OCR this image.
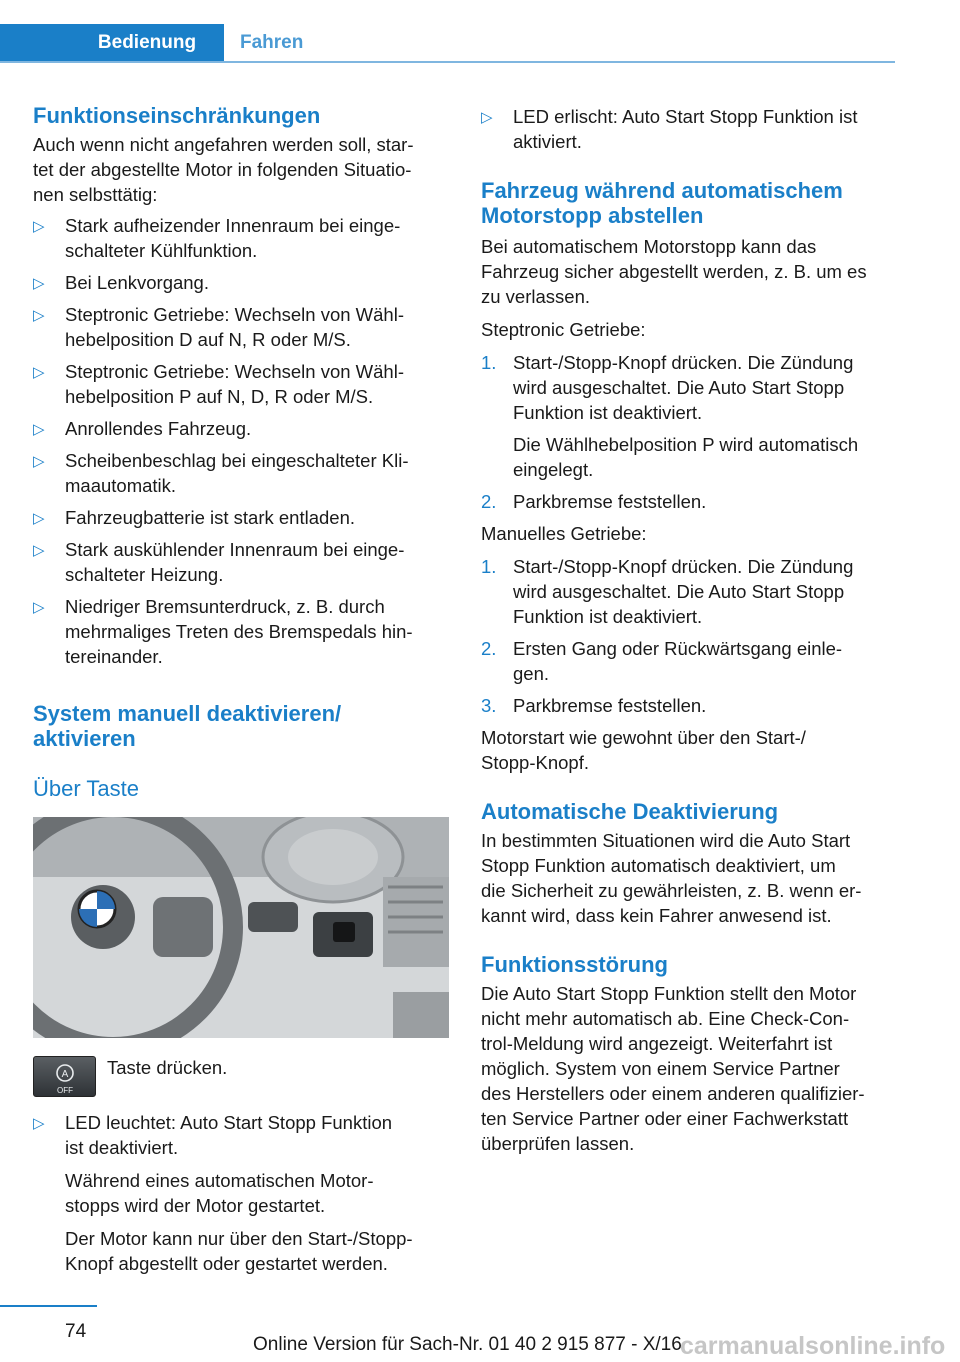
Bedienung Fahren
Funktionseinschränkungen
Auch wenn nicht angefahren werden soll, star-
tet der abgestellte Motor in folgenden Situatio-
nen selbsttätig:
▷ Stark aufheizender Innenraum bei einge-
schalteter Kühlfunktion.
▷ Bei Lenkvorgang.
▷ Steptronic Getriebe: Wechseln von Wähl-
hebelposition D auf N, R oder M/S.
▷ Steptronic Getriebe: Wechseln von Wähl-
hebelposition P auf N, D, R oder M/S.
▷ Anrollendes Fahrzeug.
▷ Scheibenbeschlag bei eingeschalteter Kli-
maautomatik.
▷ Fahrzeugbatterie ist stark entladen.
▷ Stark auskühlender Innenraum bei einge-
schalteter Heizung.
▷ Niedriger Bremsunterdruck, z. B. durch
mehrmaliges Treten des Bremspedals hin-
tereinander.
System manuell deaktivieren/
aktivieren
Über Taste
A
OFF
Taste drücken.
▷ LED leuchtet: Auto Start Stopp Funktion
ist deaktiviert.
Während eines automatischen Motor-
stopps wird der Motor gestartet.
Der Motor kann nur über den Start-/Stopp-
Knopf abgestellt oder gestartet werden.
▷ LED erlischt: Auto Start Stopp Funktion ist
aktiviert.
Fahrzeug während automatischem
Motorstopp abstellen
Bei automatischem Motorstopp kann das
Fahrzeug sicher abgestellt werden, z. B. um es
zu verlassen.
Steptronic Getriebe:
1. Start-/Stopp-Knopf drücken. Die Zündung
wird ausgeschaltet. Die Auto Start Stopp
Funktion ist deaktiviert.
Die Wählhebelposition P wird automatisch
eingelegt.
2. Parkbremse feststellen.
Manuelles Getriebe:
1. Start-/Stopp-Knopf drücken. Die Zündung
wird ausgeschaltet. Die Auto Start Stopp
Funktion ist deaktiviert.
2. Ersten Gang oder Rückwärtsgang einle-
gen.
3. Parkbremse feststellen.
Motorstart wie gewohnt über den Start-/
Stopp-Knopf.
Automatische Deaktivierung
In bestimmten Situationen wird die Auto Start
Stopp Funktion automatisch deaktiviert, um
die Sicherheit zu gewährleisten, z. B. wenn er-
kannt wird, dass kein Fahrer anwesend ist.
Funktionsstörung
Die Auto Start Stopp Funktion stellt den Motor
nicht mehr automatisch ab. Eine Check-Con-
trol-Meldung wird angezeigt. Weiterfahrt ist
möglich. System von einem Service Partner
des Herstellers oder einem anderen qualifizier-
ten Service Partner oder einer Fachwerkstatt
überprüfen lassen.
74
Online Version für Sach-Nr. 01 40 2 915 877 - X/16
carmanualsonline.info
